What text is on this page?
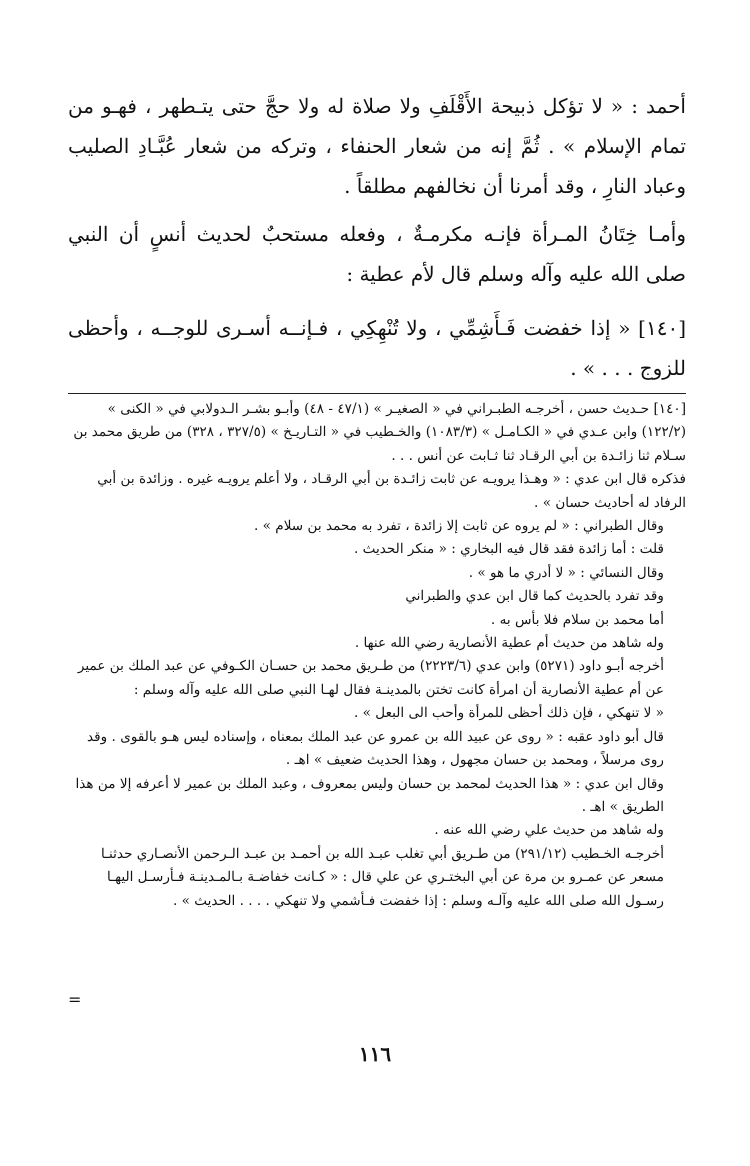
أحمد : « لا تؤكل ذبيحة الأَقْلَفِ ولا صلاة له ولا حجَّ حتى يتـطهر ، فهـو من تمام الإسلام » . ثُمَّ إنه من شعار الحنفاء ، وتركه من شعار عُبَّـادِ الصليب وعباد النارِ ، وقد أمرنا أن نخالفهم مطلقاً .

وأمـا خِتَانُ المـرأة فإنـه مكرمـةٌ ، وفعله مستحبٌ لحديث أنسٍ أن النبي صلى الله عليه وآله وسلم قال لأم عطية :

[١٤٠] « إذا خفضت فَـأَشِمِّي ، ولا تُنْهِكِي ، فـإنــه أسـرى للوجــه ، وأحظى للزوج . . . » .

[١٤٠] حـديث حسن ، أخرجـه الطبـراني في « الصغيـر » (٤٧/١ - ٤٨) وأبـو بشـر الـدولابي في « الكنى » (١٢٢/٢) وابن عـدي في « الكـامـل » (١٠٨٣/٣) والخـطيب في « التـاريـخ » (٣٢٧/٥ ، ٣٢٨) من طريق محمد بن سـلام ثنا زائـدة بن أبي الرقـاد ثنا ثـابت عن أنس . . .

فذكره قال ابن عدي : « وهـذا يرويـه عن ثابت زائـدة بن أبي الرقـاد ، ولا أعلم يرويـه غيره . وزائدة بن أبي الرفاد له أحاديث حسان » .

وقال الطبراني : « لم يروه عن ثابت إلا زائدة ، تفرد به محمد بن سلام » .

قلت : أما زائدة فقد قال فيه البخاري : « منكر الحديث .

وقال النسائي : « لا أدري ما هو » .

وقد تفرد بالحديث كما قال ابن عدي والطبراني

أما محمد بن سلام فلا بأس به .

وله شاهد من حديث أم عطية الأنصارية رضي الله عنها .

أخرجه أبـو داود (٥٢٧١) وابن عدي (٢٢٢٣/٦) من طـريق محمد بن حسـان الكـوفي عن عبد الملك بن عمير عن أم عطية الأنصارية أن امرأة كانت تختن بالمدينـة فقال لهـا النبي صلى الله عليه وآله وسلم :

« لا تنهكي ، فإن ذلك أحظى للمرأة وأحب الى البعل » .

قال أبو داود عقبه : « روى عن عبيد الله بن عمرو عن عبد الملك بمعناه ، وإسناده ليس هـو بالقوى . وقد روى مرسلاً ، ومحمد بن حسان مجهول ، وهذا الحديث ضعيف » اهـ .

وقال ابن عدي : « هذا الحديث لمحمد بن حسان وليس بمعروف ، وعبد الملك بن عمير لا أعرفه إلا من هذا الطريق » اهـ .

وله شاهد من حديث علي رضي الله عنه .

أخرجـه الخـطيب (٢٩١/١٢) من طـريق أبي تغلب عبـد الله بن أحمـد بن عبـد الـرحمن الأنصـاري حدثنـا مسعر عن عمـرو بن مرة عن أبي البختـري عن علي قال : « كـانت خفاضـة بـالمـدينـة فـأرسـل اليهـا رسـول الله صلى الله عليه وآلـه وسلم : إذا خفضت فـأشمي ولا تنهكي . . . . الحديث » .

=
١١٦
